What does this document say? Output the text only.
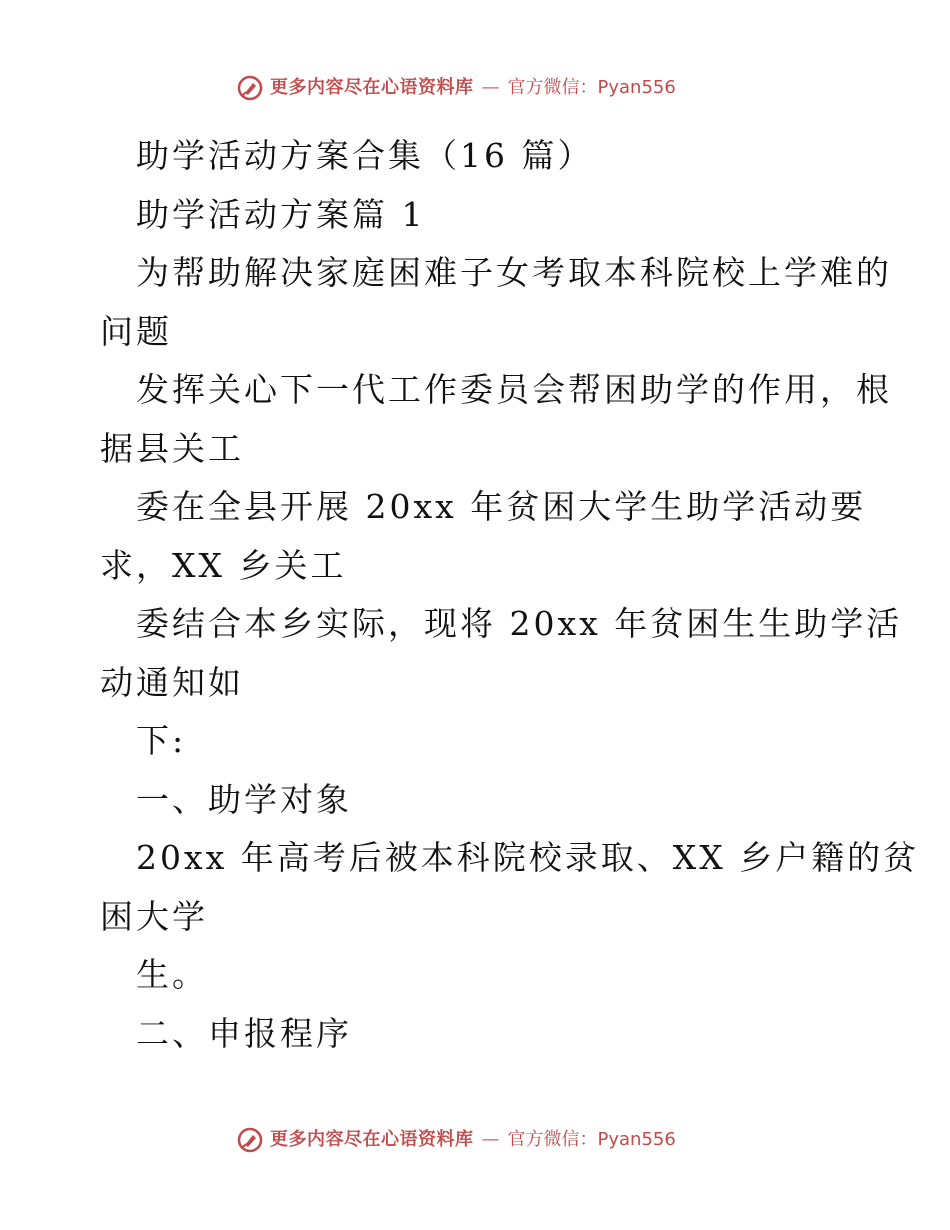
更多内容尽在心语资料库 — 官方微信：Pyan556
助学活动方案合集（16 篇）
助学活动方案篇 1
为帮助解决家庭困难子女考取本科院校上学难的
问题
发挥关心下一代工作委员会帮困助学的作用，根
据县关工
委在全县开展 20xx 年贫困大学生助学活动要
求，XX 乡关工
委结合本乡实际，现将 20xx 年贫困生生助学活
动通知如
下:
一、助学对象
20xx 年高考后被本科院校录取、XX 乡户籍的贫
困大学
生。
二、申报程序
更多内容尽在心语资料库 — 官方微信：Pyan556
